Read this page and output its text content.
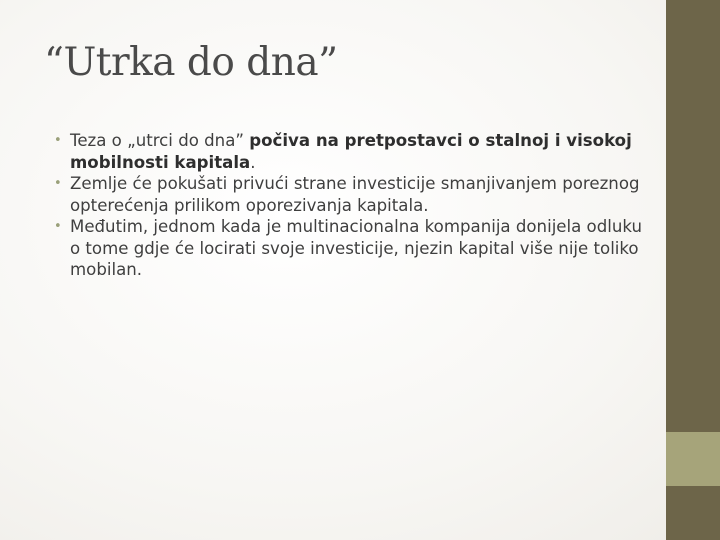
“Utrka do dna”
• Teza o „utrci do dna” počiva na pretpostavci o stalnoj i visokoj mobilnosti kapitala.
• Zemlje će pokušati privući strane investicije smanjivanjem poreznog opterećenja prilikom oporezivanja kapitala.
• Međutim, jednom kada je multinacionalna kompanija donijela odluku o tome gdje će locirati svoje investicije, njezin kapital više nije toliko mobilan.
